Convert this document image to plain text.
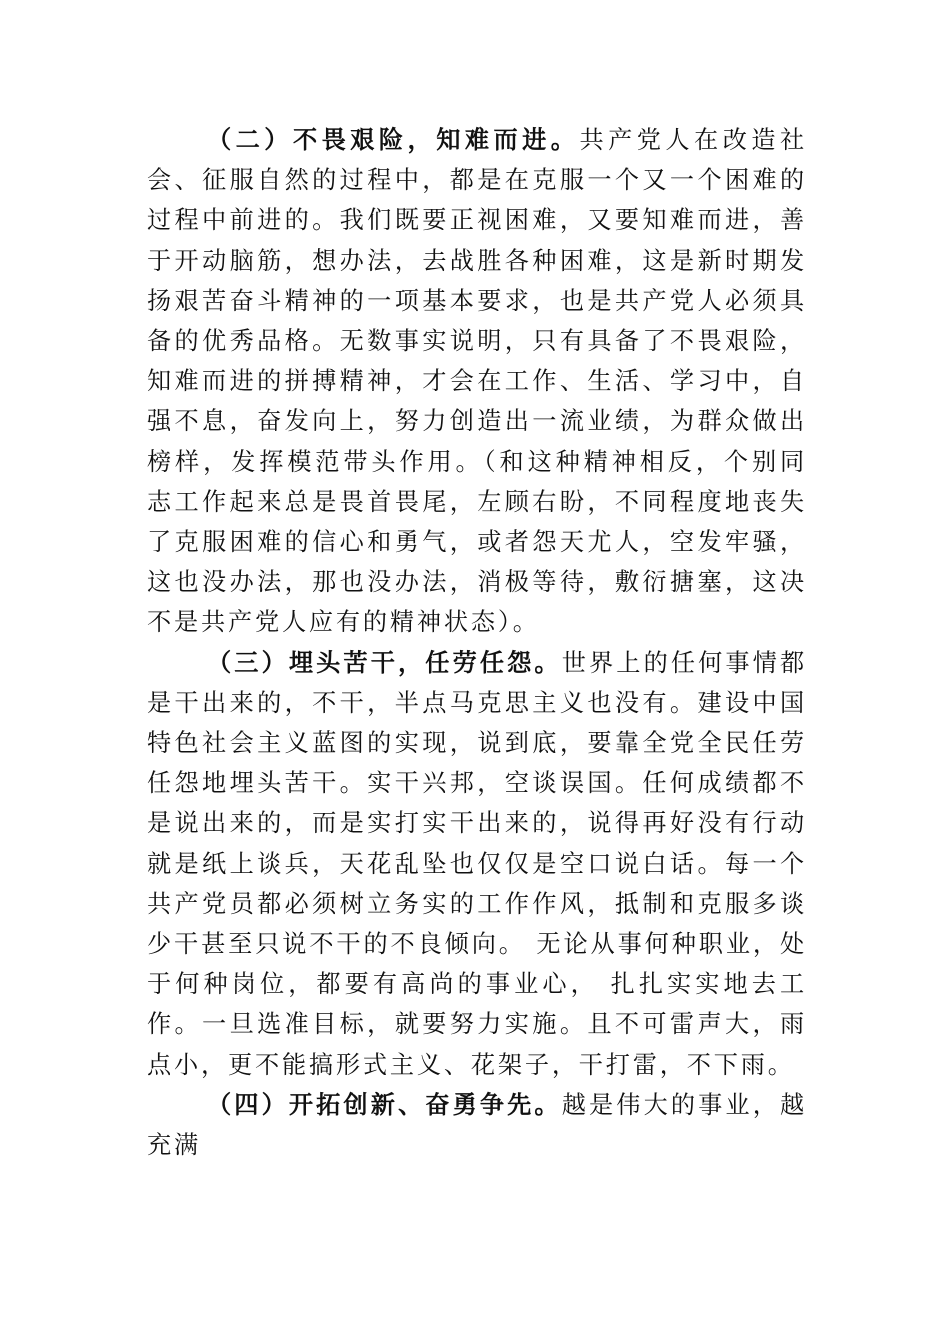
（二）不畏艰险，知难而进。共产党人在改造社会、征服自然的过程中，都是在克服一个又一个困难的过程中前进的。我们既要正视困难，又要知难而进，善于开动脑筋，想办法，去战胜各种困难，这是新时期发扬艰苦奋斗精神的一项基本要求，也是共产党人必须具备的优秀品格。无数事实说明，只有具备了不畏艰险，知难而进的拼搏精神，才会在工作、生活、学习中，自强不息，奋发向上，努力创造出一流业绩，为群众做出榜样，发挥模范带头作用。（和这种精神相反，个别同志工作起来总是畏首畏尾，左顾右盼，不同程度地丧失了克服困难的信心和勇气，或者怨天尤人，空发牢骚，这也没办法，那也没办法，消极等待，敷衍搪塞，这决不是共产党人应有的精神状态）。

（三）埋头苦干，任劳任怨。世界上的任何事情都是干出来的，不干，半点马克思主义也没有。建设中国特色社会主义蓝图的实现，说到底，要靠全党全民任劳任怨地埋头苦干。实干兴邦，空谈误国。任何成绩都不是说出来的，而是实打实干出来的，说得再好没有行动就是纸上谈兵，天花乱坠也仅仅是空口说白话。每一个共产党员都必须树立务实的工作作风，抵制和克服多谈少干甚至只说不干的不良倾向。 无论从事何种职业，处于何种岗位，都要有高尚的事业心， 扎扎实实地去工作。一旦选准目标，就要努力实施。且不可雷声大，雨点小，更不能搞形式主义、花架子，干打雷，不下雨。

（四）开拓创新、奋勇争先。越是伟大的事业，越充满
